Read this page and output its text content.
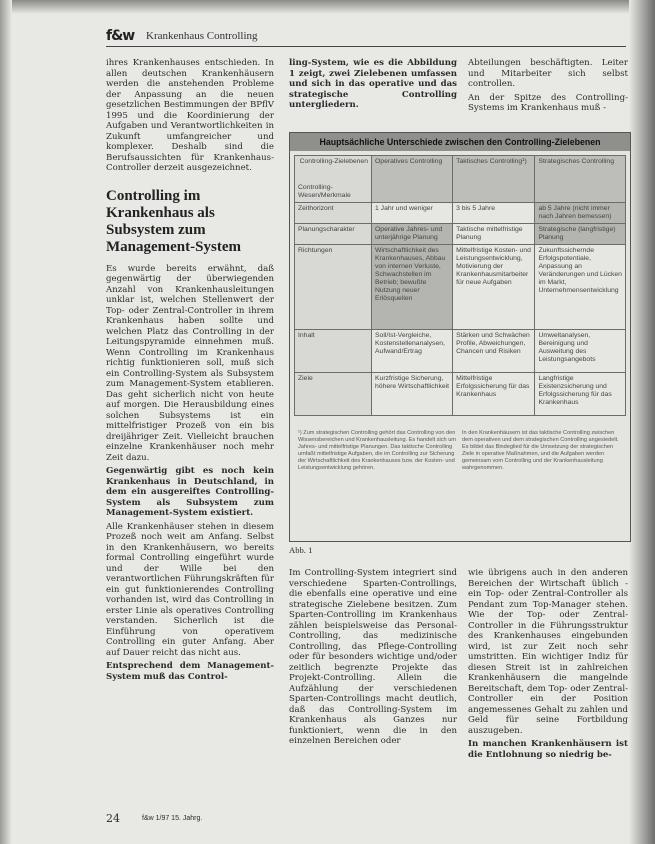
f&w Krankenhaus Controlling

ihres Krankenhauses entschieden. In allen deutschen Krankenhäusern werden die anstehenden Probleme der Anpassung an die neuen gesetzlichen Bestimmungen der BPflV 1995 und die Koordinierung der Aufgaben und Verantwortlichkeiten in Zukunft umfangreicher und komplexer. Deshalb sind die Berufsaussichten für Krankenhaus-Controller derzeit ausgezeichnet.

Controlling im Krankenhaus als Subsystem zum Management-System

Es wurde bereits erwähnt, daß gegenwärtig der überwiegenden Anzahl von Krankenhausleitungen unklar ist, welchen Stellenwert der Top- oder Zentral-Controller in ihrem Krankenhaus haben sollte und welchen Platz das Controlling in der Leitungspyramide einnehmen muß. Wenn Controlling im Krankenhaus richtig funktionieren soll, muß sich ein Controlling-System als Subsystem zum Management-System etablieren. Das geht sicherlich nicht von heute auf morgen. Die Herausbildung eines solchen Subsystems ist ein mittelfristiger Prozeß von ein bis dreijähriger Zeit. Vielleicht brauchen einzelne Krankenhäuser noch mehr Zeit dazu.

Gegenwärtig gibt es noch kein Krankenhaus in Deutschland, in dem ein ausgereiftes Controlling-System als Subsystem zum Management-System existiert.

Alle Krankenhäuser stehen in diesem Prozeß noch weit am Anfang. Selbst in den Krankenhäusern, wo bereits formal Controlling eingeführt wurde und der Wille bei den verantwortlichen Führungskräften für ein gut funktionierendes Controlling vorhanden ist, wird das Controlling in erster Linie als operatives Controlling verstanden. Sicherlich ist die Einführung von operativem Controlling ein guter Anfang. Aber auf Dauer reicht das nicht aus.

Entsprechend dem Management-System muß das Control-

ling-System, wie es die Abbildung 1 zeigt, zwei Zielebenen umfassen und sich in das operative und das strategische Controlling untergliedern.

Abteilungen beschäftigten. Leiter und Mitarbeiter sich selbst controllen.

An der Spitze des Controlling-Systems im Krankenhaus muß -

Hauptsächliche Unterschiede zwischen den Controlling-Zielebenen
Controlling-Zielebenen
Controlling-Wesen/Merkmale	Operatives Controlling	Taktisches Controlling¹)	Strategisches Controlling
Zeithorizont	1 Jahr und weniger	3 bis 5 Jahre	ab 5 Jahre (nicht immer nach Jahren bemessen)
Planungscharakter	Operative Jahres- und unterjährige Planung	Taktische mittelfristige Planung	Strategische (langfristige) Planung
Richtungen	Wirtschaftlichkeit des Krankenhauses, Abbau von internen Verluste, Schwachstellen im Betrieb; bewußte Nutzung neuer Erlösquellen	Mittelfristige Kosten- und Leistungsentwicklung, Motivierung der Krankenhausmitarbeiter für neue Aufgaben	Zukunftssichernde Erfolgspotentiale, Anpassung an Veränderungen und Lücken im Markt, Unternehmensentwicklung
Inhalt	Soll/Ist-Vergleiche, Kostenstellenanalysen, Aufwand/Ertrag	Stärken und Schwächen Profile, Abweichungen, Chancen und Risiken	Umweltanalysen, Bereinigung und Ausweitung des Leistungsangebots
Ziele	Kurzfristige Sicherung, höhere Wirtschaftlichkeit	Mittelfristige Erfolgssicherung für das Krankenhaus	Langfristige Existenzsicherung und Erfolgssicherung für das Krankenhaus
¹) Zum strategischen Controlling gehört das Controlling von den Wissensbereichen und Krankenhausleitung. Es handelt sich um Jahres- und mittelfristige Planungen. Das taktische Controlling umfaßt mittelfristige Aufgaben, die im Controlling zur Sicherung der Wirtschaftlichkeit des Krankenhauses bzw. der Kosten- und Leistungsentwicklung gehören.
In den Krankenhäusern ist das taktische Controlling zwischen dem operativen und dem strategischen Controlling angesiedelt. Es bildet das Bindeglied für die Umsetzung der strategischen Ziele in operative Maßnahmen, und die Aufgaben werden gemeinsam vom Controlling und der Krankenhausleitung wahrgenommen.
Abb. 1

Im Controlling-System integriert sind verschiedene Sparten-Controllings, die ebenfalls eine operative und eine strategische Zielebene besitzen. Zum Sparten-Controlling im Krankenhaus zählen beispielsweise das Personal-Controlling, das medizinische Controlling, das Pflege-Controlling oder für besonders wichtige und/oder zeitlich begrenzte Projekte das Projekt-Controlling. Allein die Aufzählung der verschiedenen Sparten-Controllings macht deutlich, daß das Controlling-System im Krankenhaus als Ganzes nur funktioniert, wenn die in den einzelnen Bereichen oder

wie übrigens auch in den anderen Bereichen der Wirtschaft üblich - ein Top- oder Zentral-Controller als Pendant zum Top-Manager stehen. Wie der Top- oder Zentral-Controller in die Führungsstruktur des Krankenhauses eingebunden wird, ist zur Zeit noch sehr umstritten. Ein wichtiger Indiz für diesen Streit ist in zahlreichen Krankenhäusern die mangelnde Bereitschaft, dem Top- oder Zentral-Controller ein der Position angemessenes Gehalt zu zahlen und Geld für seine Fortbildung auszugeben.

In manchen Krankenhäusern ist die Entlohnung so niedrig be-

24	f&w 1/97 15. Jahrg.
